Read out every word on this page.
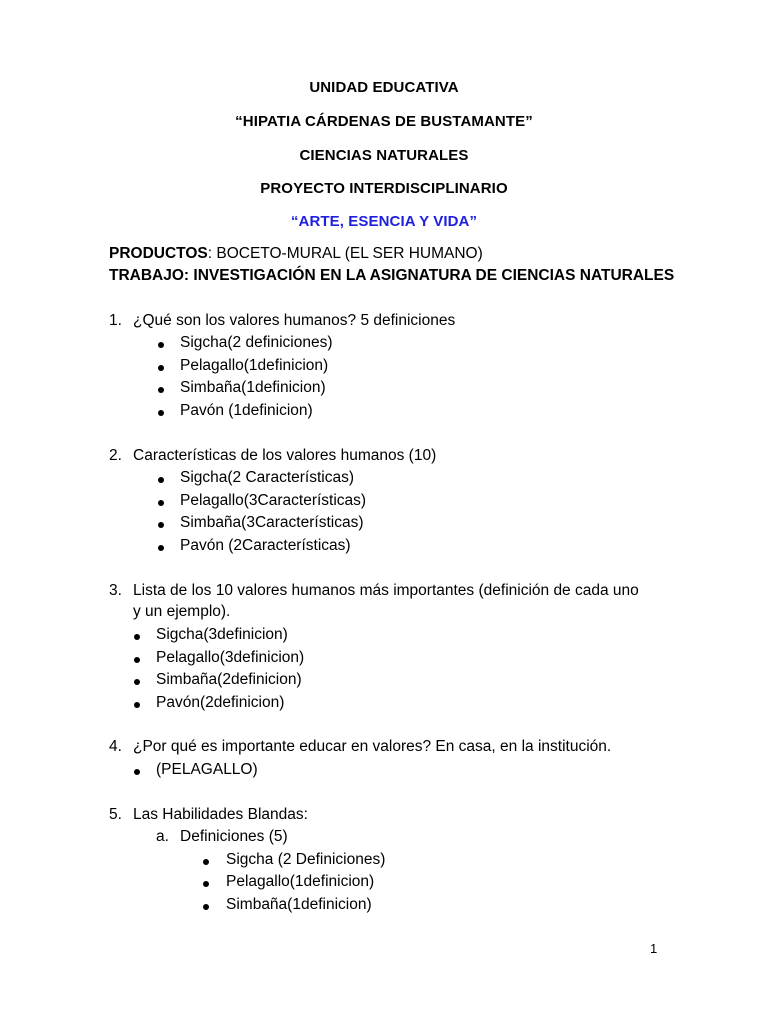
UNIDAD EDUCATIVA
“HIPATIA CÁRDENAS DE BUSTAMANTE”
CIENCIAS NATURALES
PROYECTO INTERDISCIPLINARIO
“ARTE, ESENCIA Y VIDA”
PRODUCTOS: BOCETO-MURAL (EL SER HUMANO)
TRABAJO: INVESTIGACIÓN EN LA ASIGNATURA DE CIENCIAS NATURALES
1. ¿Qué son los valores humanos? 5 definiciones
Sigcha(2 definiciones)
Pelagallo(1definicion)
Simbaña(1definicion)
Pavón (1definicion)
2. Características de los valores humanos (10)
Sigcha(2 Características)
Pelagallo(3Características)
Simbaña(3Características)
Pavón (2Características)
3. Lista de los 10 valores humanos más importantes (definición de cada uno
y un ejemplo).
Sigcha(3definicion)
Pelagallo(3definicion)
Simbaña(2definicion)
Pavón(2definicion)
4. ¿Por qué es importante educar en valores? En casa, en la institución.
(PELAGALLO)
5. Las Habilidades Blandas:
a. Definiciones (5)
Sigcha (2 Definiciones)
Pelagallo(1definicion)
Simbaña(1definicion)
1
